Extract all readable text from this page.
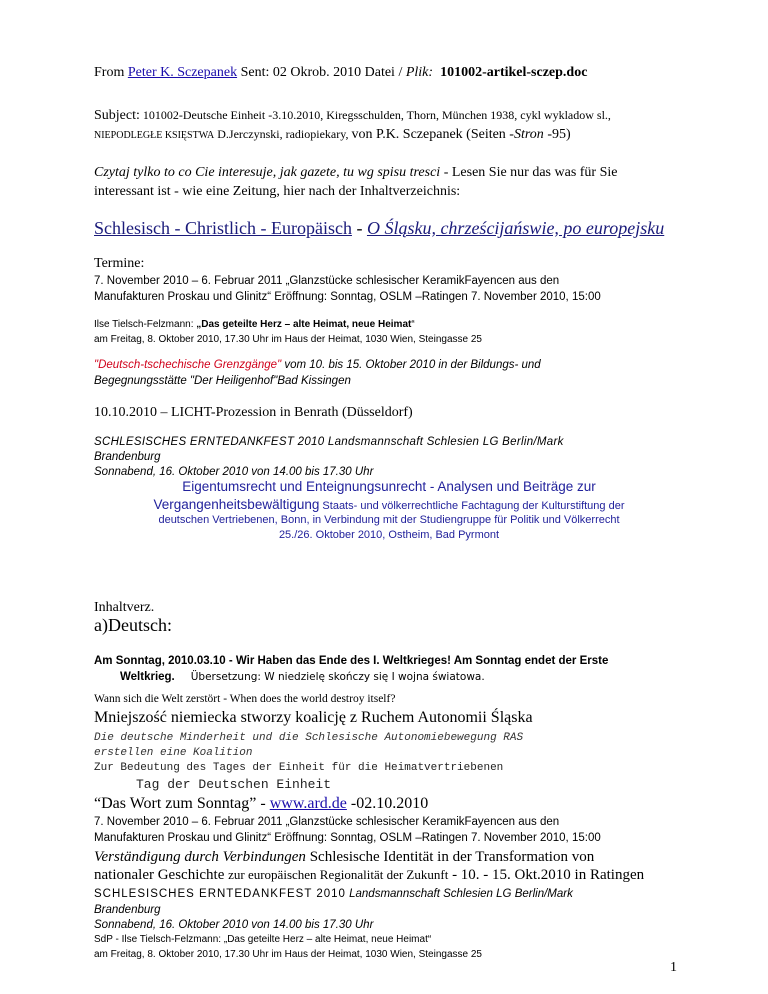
From Peter K. Sczepanek Sent: 02 Okrob. 2010 Datei / Plik: 101002-artikel-sczep.doc
Subject: 101002-Deutsche Einheit -3.10.2010, Kiregsschulden, Thorn, München 1938, cykl wykladow sl.,
NIEPODLEGŁE KSIĘSTWA D.Jerczynski, radiopiekary, von P.K. Sczepanek (Seiten -Stron -95)
Czytaj tylko to co Cie interesuje, jak gazete, tu wg spisu tresci - Lesen Sie nur das was für Sie
interessant ist - wie eine Zeitung, hier nach der Inhaltverzeichnis:
Schlesisch - Christlich - Europäisch - O Śląsku, chrześcijańswie, po europejsku
Termine:
7. November 2010 – 6. Februar 2011 „Glanzstücke schlesischer KeramikFayencen aus den
Manufakturen Proskau und Glinitz“ Eröffnung: Sonntag, OSLM –Ratingen 7. November 2010, 15:00
Ilse Tielsch-Felzmann: „Das geteilte Herz – alte Heimat, neue Heimat“
am Freitag, 8. Oktober 2010, 17.30 Uhr im Haus der Heimat, 1030 Wien, Steingasse 25
"Deutsch-tschechische Grenzgänge" vom 10. bis 15. Oktober 2010 in der Bildungs- und
Begegnungsstätte "Der Heiligenhof"Bad Kissingen
10.10.2010 – LICHT-Prozession in Benrath (Düsseldorf)
SCHLESISCHES ERNTEDANKFEST 2010 Landsmannschaft Schlesien LG Berlin/Mark
Brandenburg
Sonnabend, 16. Oktober 2010 von 14.00 bis 17.30 Uhr
Eigentumsrecht und Enteignungsunrecht - Analysen und Beiträge zur
Vergangenheitsbewältigung Staats- und völkerrechtliche Fachtagung der Kulturstiftung der
deutschen Vertriebenen, Bonn, in Verbindung mit der Studiengruppe für Politik und Völkerrecht
25./26. Oktober 2010, Ostheim, Bad Pyrmont
Inhaltverz.
a)Deutsch:
Am Sonntag, 2010.03.10 - Wir Haben das Ende des I. Weltkrieges! Am Sonntag endet der Erste
Weltkrieg. Übersetzung: W niedzielę skończy się I wojna światowa.
Wann sich die Welt zerstört - When does the world destroy itself?
Mniejszość niemiecka stworzy koalicję z Ruchem Autonomii Śląska
Die deutsche Minderheit und die Schlesische Autonomiebewegung RAS
erstellen eine Koalition
Zur Bedeutung des Tages der Einheit für die Heimatvertriebenen
Tag der Deutschen Einheit
“Das Wort zum Sonntag” - www.ard.de -02.10.2010
7. November 2010 – 6. Februar 2011 „Glanzstücke schlesischer KeramikFayencen aus den
Manufakturen Proskau und Glinitz“ Eröffnung: Sonntag, OSLM –Ratingen 7. November 2010, 15:00
Verständigung durch Verbindungen Schlesische Identität in der Transformation von
nationaler Geschichte zur europäischen Regionalität der Zukunft - 10. - 15. Okt.2010 in Ratingen
SCHLESISCHES ERNTEDANKFEST 2010 Landsmannschaft Schlesien LG Berlin/Mark
Brandenburg
Sonnabend, 16. Oktober 2010 von 14.00 bis 17.30 Uhr
SdP - Ilse Tielsch-Felzmann: „Das geteilte Herz – alte Heimat, neue Heimat“
am Freitag, 8. Oktober 2010, 17.30 Uhr im Haus der Heimat, 1030 Wien, Steingasse 25
1
